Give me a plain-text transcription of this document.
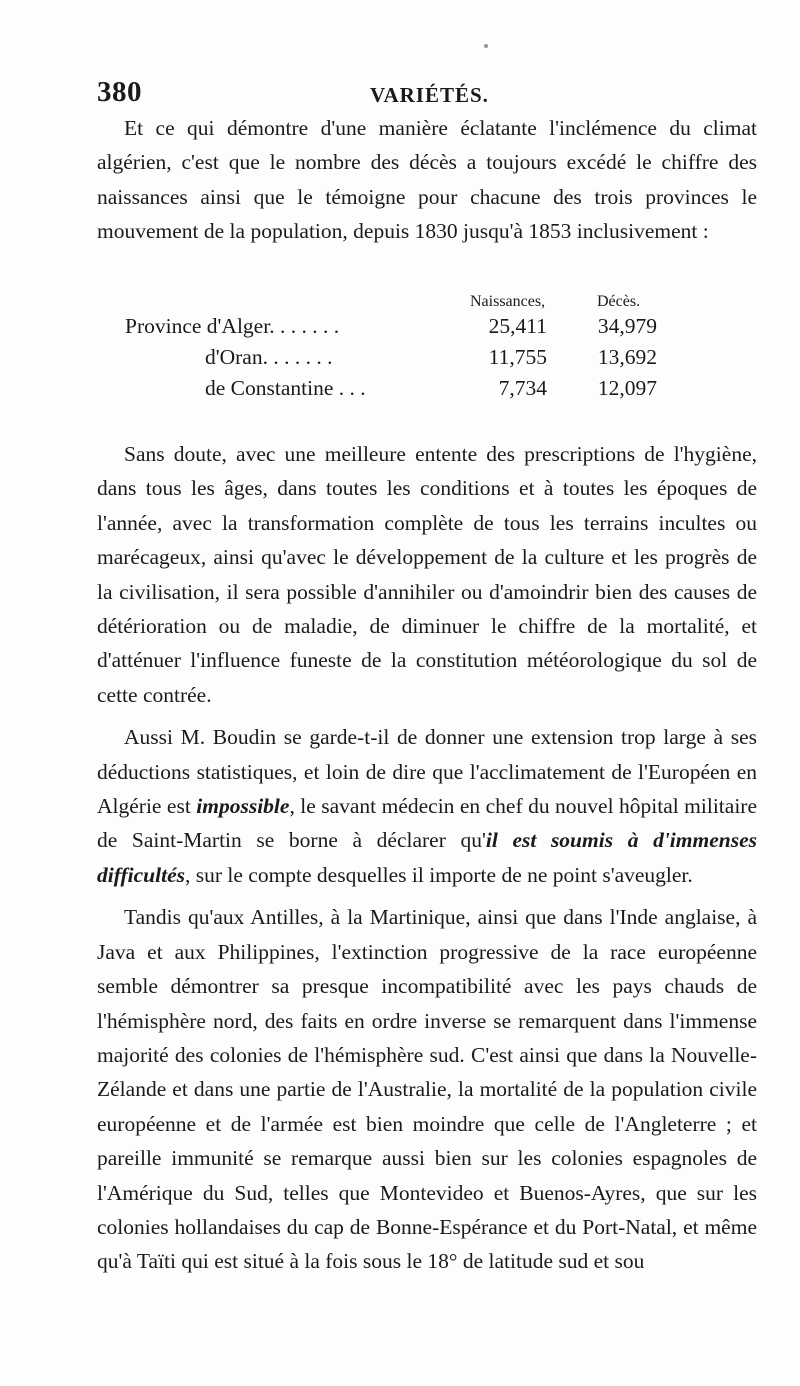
380	VARIÉTÉS.

Et ce qui démontre d'une manière éclatante l'inclémence du climat algérien, c'est que le nombre des décès a toujours excédé le chiffre des naissances ainsi que le témoigne pour chacune des trois provinces le mouvement de la population, depuis 1830 jusqu'à 1853 inclusivement :

Naissances,	Décès.
Province d'Alger. . . . . . .	25,411 34,979
d'Oran. . . . . . .	11,755 13,692
de Constantine . . .	7,734 12,097

Sans doute, avec une meilleure entente des prescriptions de l'hygiène, dans tous les âges, dans toutes les conditions et à toutes les époques de l'année, avec la transformation complète de tous les terrains incultes ou marécageux, ainsi qu'avec le développement de la culture et les progrès de la civilisation, il sera possible d'annihiler ou d'amoindrir bien des causes de détérioration ou de maladie, de diminuer le chiffre de la mortalité, et d'atténuer l'influence funeste de la constitution météorologique du sol de cette contrée.

Aussi M. Boudin se garde-t-il de donner une extension trop large à ses déductions statistiques, et loin de dire que l'acclimatement de l'Européen en Algérie est impossible, le savant médecin en chef du nouvel hôpital militaire de Saint-Martin se borne à déclarer qu'il est soumis à d'immenses difficultés, sur le compte desquelles il importe de ne point s'aveugler.

Tandis qu'aux Antilles, à la Martinique, ainsi que dans l'Inde anglaise, à Java et aux Philippines, l'extinction progressive de la race européenne semble démontrer sa presque incompatibilité avec les pays chauds de l'hémisphère nord, des faits en ordre inverse se remarquent dans l'immense majorité des colonies de l'hémisphère sud. C'est ainsi que dans la Nouvelle-Zélande et dans une partie de l'Australie, la mortalité de la population civile européenne et de l'armée est bien moindre que celle de l'Angleterre ; et pareille immunité se remarque aussi bien sur les colonies espagnoles de l'Amérique du Sud, telles que Montevideo et Buenos-Ayres, que sur les colonies hollandaises du cap de Bonne-Espérance et du Port-Natal, et même qu'à Taïti qui est situé à la fois sous le 18° de latitude sud et sou
